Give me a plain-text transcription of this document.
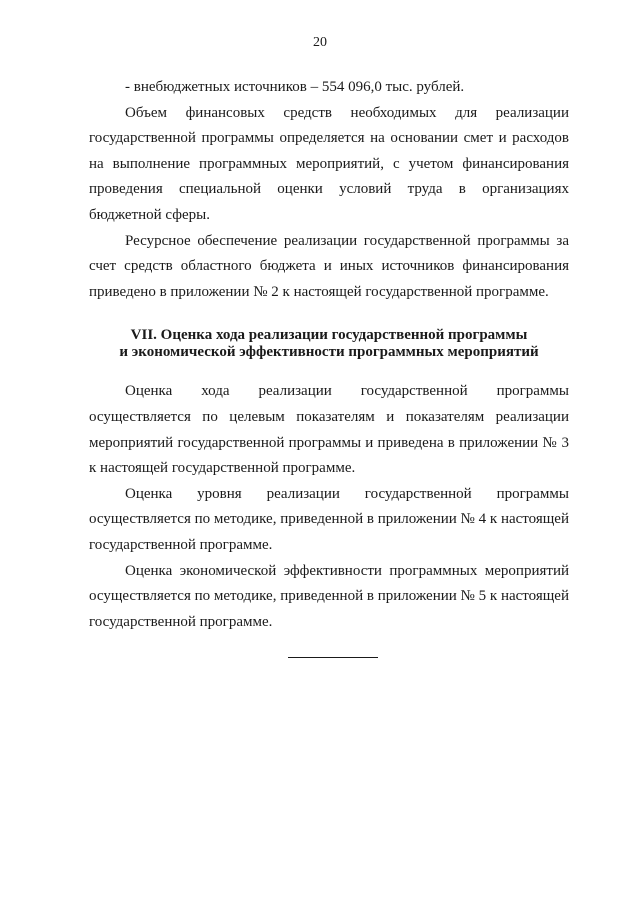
20

- внебюджетных источников – 554 096,0 тыс. рублей.

Объем финансовых средств необходимых для реализации государственной программы определяется на основании смет и расходов на выполнение программных мероприятий, с учетом финансирования проведения специальной оценки условий труда в организациях бюджетной сферы.

Ресурсное обеспечение реализации государственной программы за счет средств областного бюджета и иных источников финансирования приведено в приложении № 2 к настоящей государственной программе.

VII. Оценка хода реализации государственной программы
и экономической эффективности программных мероприятий

Оценка хода реализации государственной программы осуществляется по целевым показателям и показателям реализации мероприятий государственной программы и приведена в приложении № 3 к настоящей государственной программе.

Оценка уровня реализации государственной программы осуществляется по методике, приведенной в приложении № 4 к настоящей государственной программе.

Оценка экономической эффективности программных мероприятий осуществляется по методике, приведенной в приложении № 5 к настоящей государственной программе.
